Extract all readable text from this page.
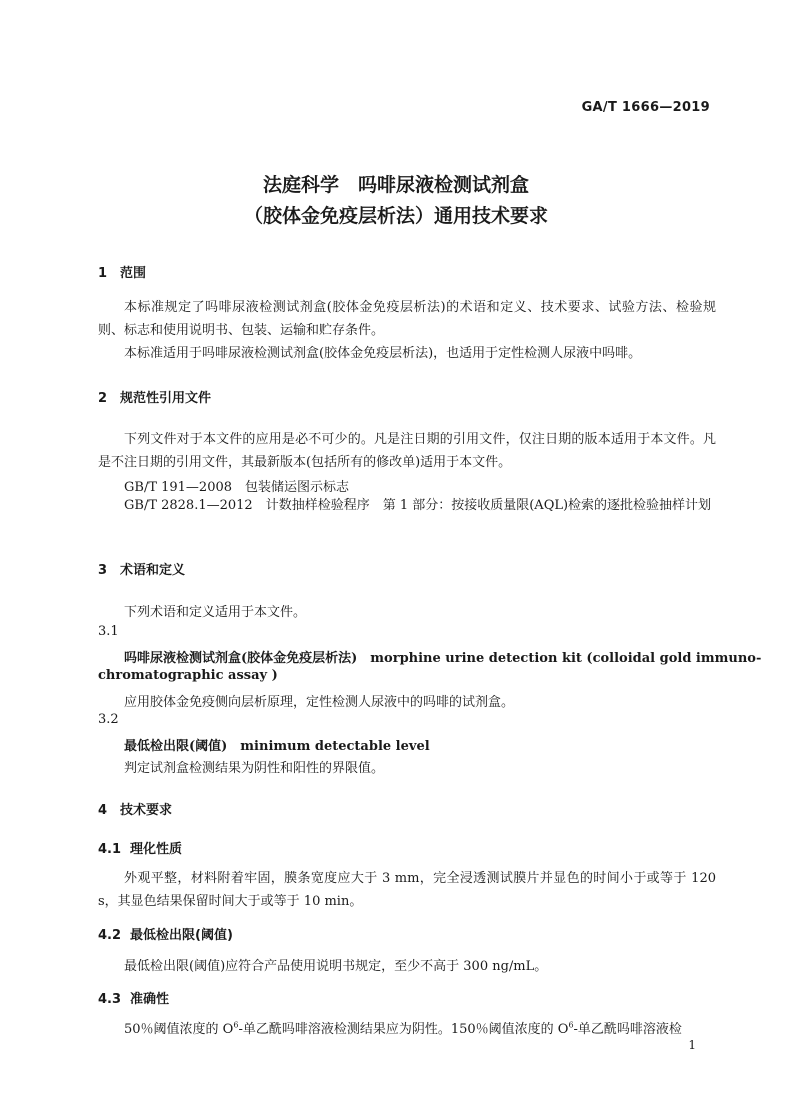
GA/T 1666—2019
法庭科学　吗啡尿液检测试剂盒
（胶体金免疫层析法）通用技术要求
1 范围
本标准规定了吗啡尿液检测试剂盒(胶体金免疫层析法)的术语和定义、技术要求、试验方法、检验规则、标志和使用说明书、包装、运输和贮存条件。
本标准适用于吗啡尿液检测试剂盒(胶体金免疫层析法)，也适用于定性检测人尿液中吗啡。
2 规范性引用文件
下列文件对于本文件的应用是必不可少的。凡是注日期的引用文件，仅注日期的版本适用于本文件。凡是不注日期的引用文件，其最新版本(包括所有的修改单)适用于本文件。
GB/T 191—2008　包装储运图示标志
GB/T 2828.1—2012　计数抽样检验程序　第 1 部分：按接收质量限(AQL)检索的逐批检验抽样计划
3 术语和定义
下列术语和定义适用于本文件。
3.1
吗啡尿液检测试剂盒(胶体金免疫层析法)　morphine urine detection kit (colloidal gold immuno-
chromatographic assay )
应用胶体金免疫侧向层析原理，定性检测人尿液中的吗啡的试剂盒。
3.2
最低检出限(阈值)　minimum detectable level
判定试剂盒检测结果为阴性和阳性的界限值。
4 技术要求
4.1 理化性质
外观平整，材料附着牢固，膜条宽度应大于 3 mm，完全浸透测试膜片并显色的时间小于或等于 120 s，其显色结果保留时间大于或等于 10 min。
4.2 最低检出限(阈值)
最低检出限(阈值)应符合产品使用说明书规定，至少不高于 300 ng/mL。
4.3 准确性
50％阈值浓度的 $O^6-$单乙酰吗啡溶液检测结果应为阴性。150％阈值浓度的 $O^6-$单乙酰吗啡溶液检
1
